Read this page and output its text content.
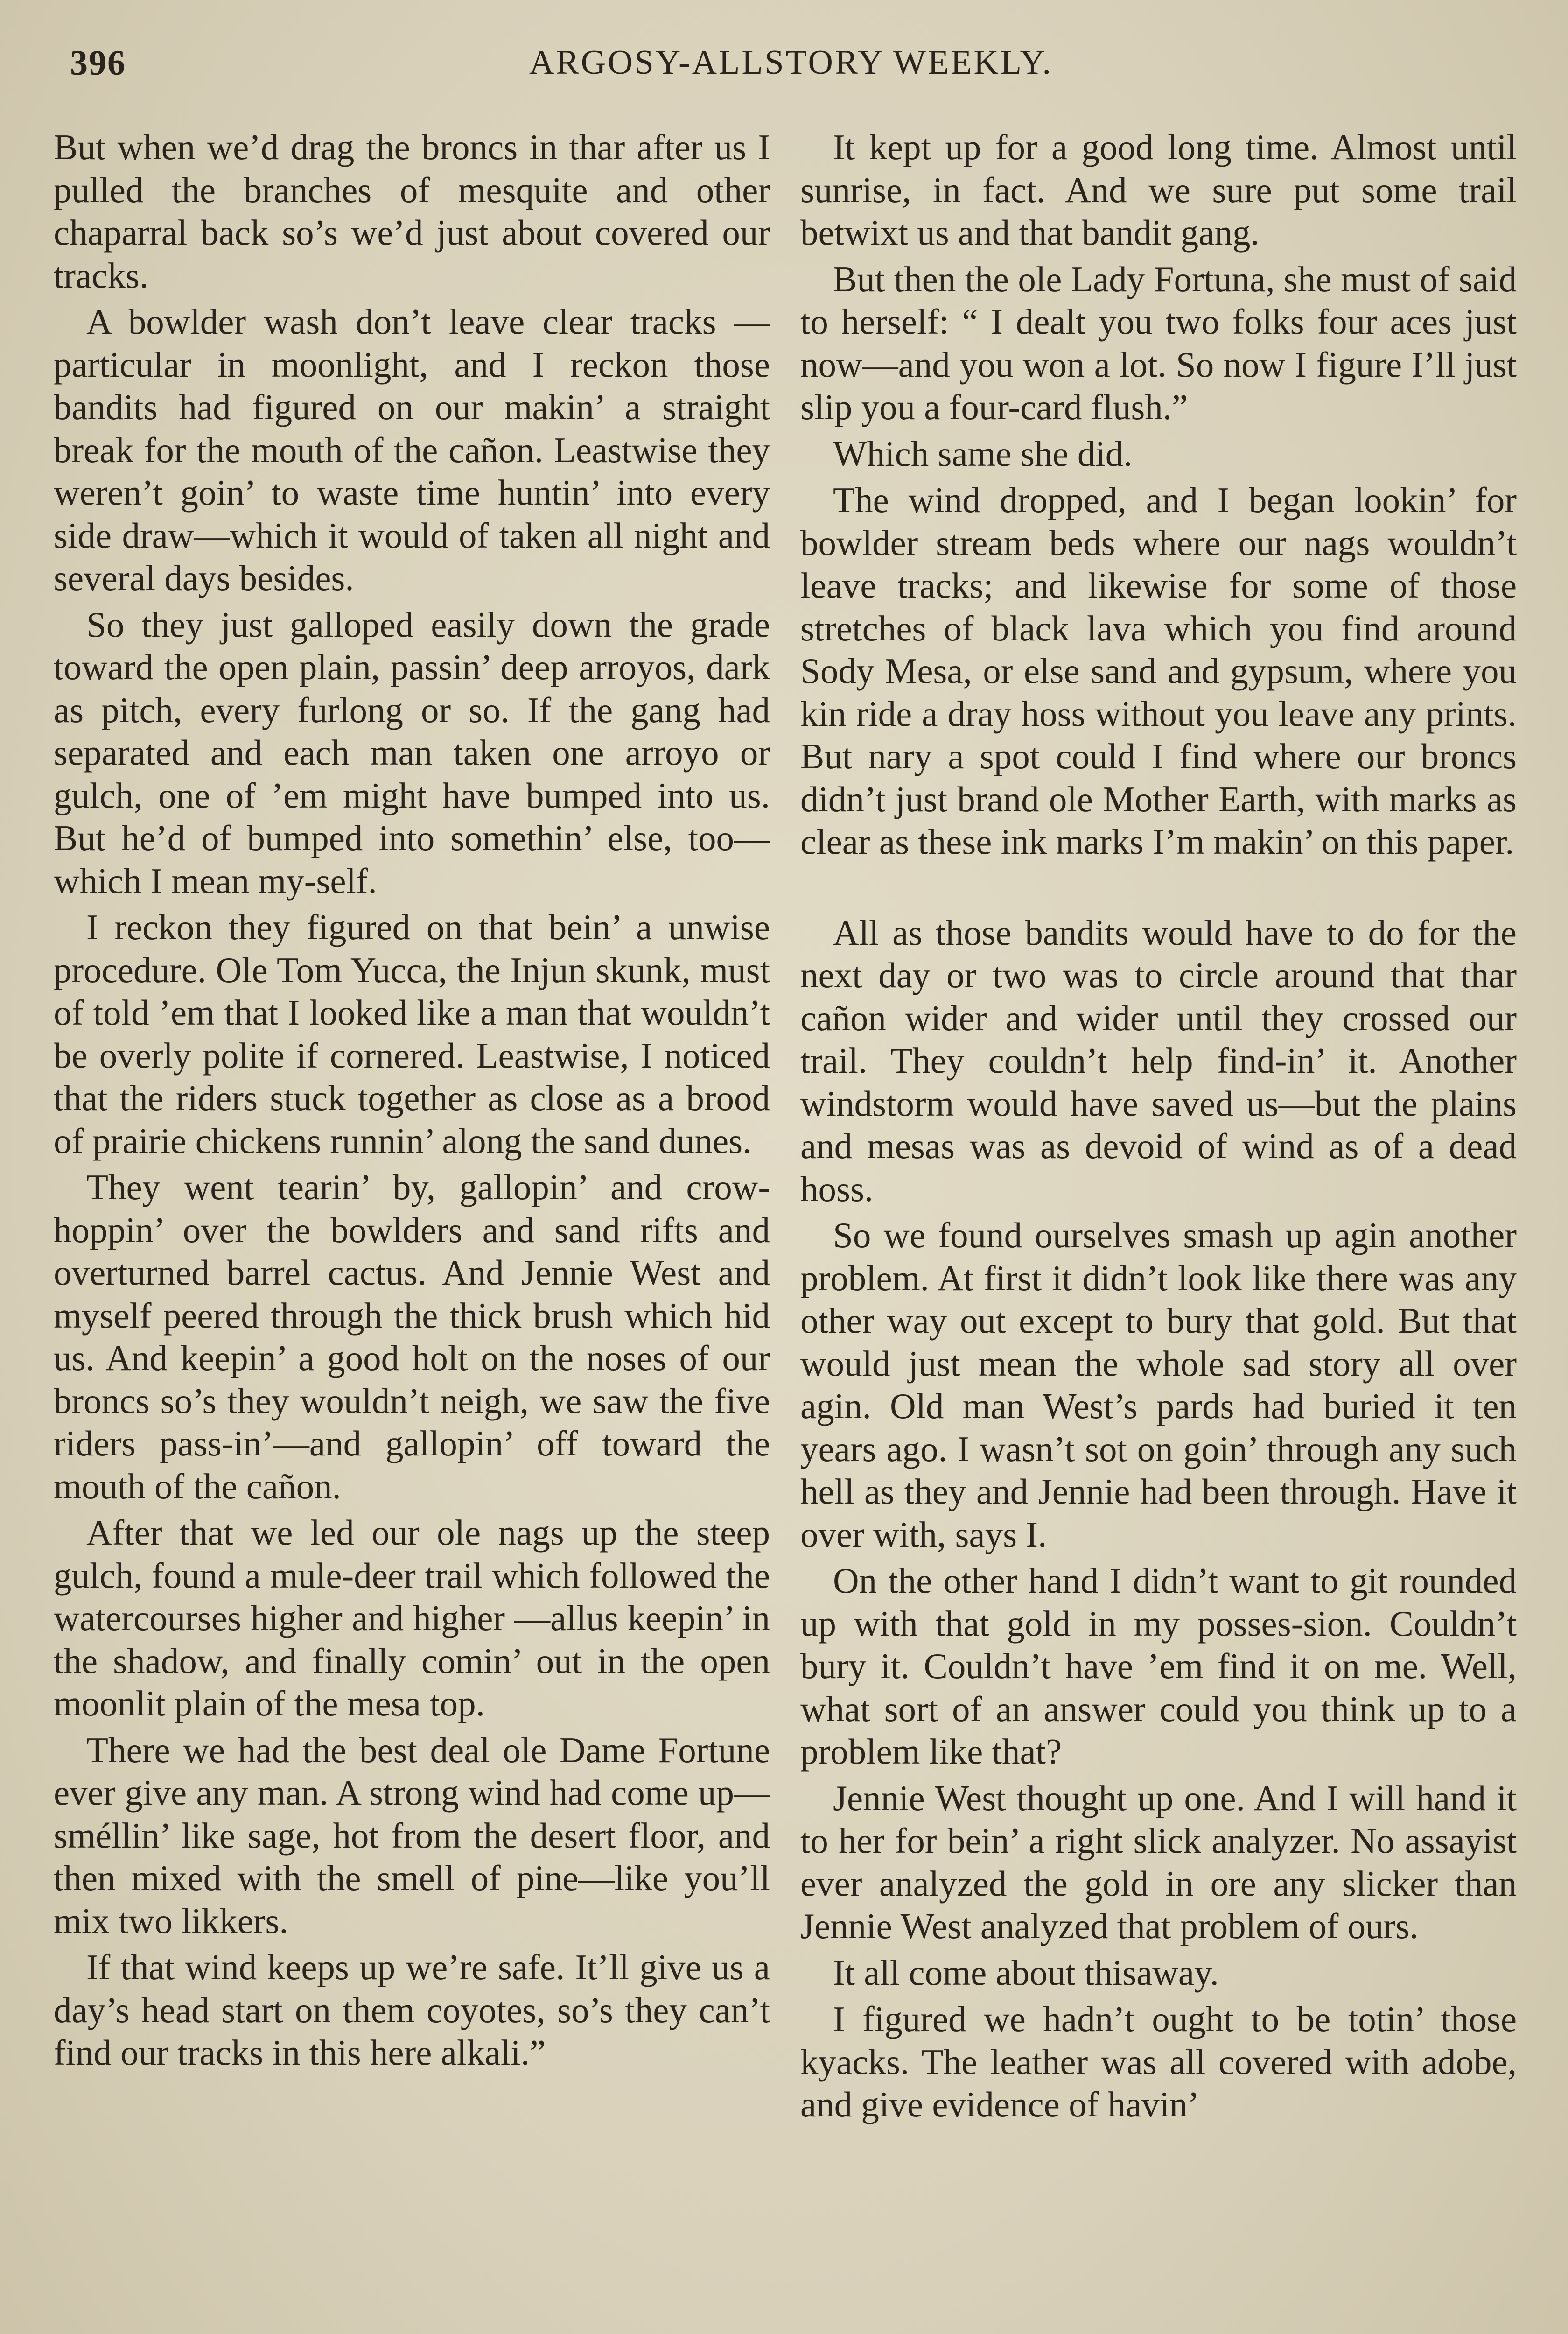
396	ARGOSY-ALLSTORY WEEKLY.

But when we’d drag the broncs in thar after us I pulled the branches of mesquite and other chaparral back so’s we’d just about covered our tracks.

A bowlder wash don’t leave clear tracks —particular in moonlight, and I reckon those bandits had figured on our makin’ a straight break for the mouth of the cañon. Leastwise they weren’t goin’ to waste time huntin’ into every side draw—which it would of taken all night and several days besides.

So they just galloped easily down the grade toward the open plain, passin’ deep arroyos, dark as pitch, every furlong or so. If the gang had separated and each man taken one arroyo or gulch, one of ’em might have bumped into us. But he’d of bumped into somethin’ else, too—which I mean my-self.

I reckon they figured on that bein’ a unwise procedure. Ole Tom Yucca, the Injun skunk, must of told ’em that I looked like a man that wouldn’t be overly polite if cornered. Leastwise, I noticed that the riders stuck together as close as a brood of prairie chickens runnin’ along the sand dunes.

They went tearin’ by, gallopin’ and crow-hoppin’ over the bowlders and sand rifts and overturned barrel cactus. And Jennie West and myself peered through the thick brush which hid us. And keepin’ a good holt on the noses of our broncs so’s they wouldn’t neigh, we saw the five riders pass-in’—and gallopin’ off toward the mouth of the cañon.

After that we led our ole nags up the steep gulch, found a mule-deer trail which followed the watercourses higher and higher —allus keepin’ in the shadow, and finally comin’ out in the open moonlit plain of the mesa top.

There we had the best deal ole Dame Fortune ever give any man. A strong wind had come up—sméllin’ like sage, hot from the desert floor, and then mixed with the smell of pine—like you’ll mix two likkers.

If that wind keeps up we’re safe. It’ll give us a day’s head start on them coyotes, so’s they can’t find our tracks in this here alkali.”

It kept up for a good long time. Almost until sunrise, in fact. And we sure put some trail betwixt us and that bandit gang.

But then the ole Lady Fortuna, she must of said to herself: “ I dealt you two folks four aces just now—and you won a lot. So now I figure I’ll just slip you a four-card flush.”

Which same she did.

The wind dropped, and I began lookin’ for bowlder stream beds where our nags wouldn’t leave tracks; and likewise for some of those stretches of black lava which you find around Sody Mesa, or else sand and gypsum, where you kin ride a dray hoss without you leave any prints. But nary a spot could I find where our broncs didn’t just brand ole Mother Earth, with marks as clear as these ink marks I’m makin’ on this paper.

All as those bandits would have to do for the next day or two was to circle around that thar cañon wider and wider until they crossed our trail. They couldn’t help find-in’ it. Another windstorm would have saved us—but the plains and mesas was as devoid of wind as of a dead hoss.

So we found ourselves smash up agin another problem. At first it didn’t look like there was any other way out except to bury that gold. But that would just mean the whole sad story all over agin. Old man West’s pards had buried it ten years ago. I wasn’t sot on goin’ through any such hell as they and Jennie had been through. Have it over with, says I.

On the other hand I didn’t want to git rounded up with that gold in my posses-sion. Couldn’t bury it. Couldn’t have ’em find it on me. Well, what sort of an answer could you think up to a problem like that?

Jennie West thought up one. And I will hand it to her for bein’ a right slick analyzer. No assayist ever analyzed the gold in ore any slicker than Jennie West analyzed that problem of ours.

It all come about thisaway.

I figured we hadn’t ought to be totin’ those kyacks. The leather was all covered with adobe, and give evidence of havin’
